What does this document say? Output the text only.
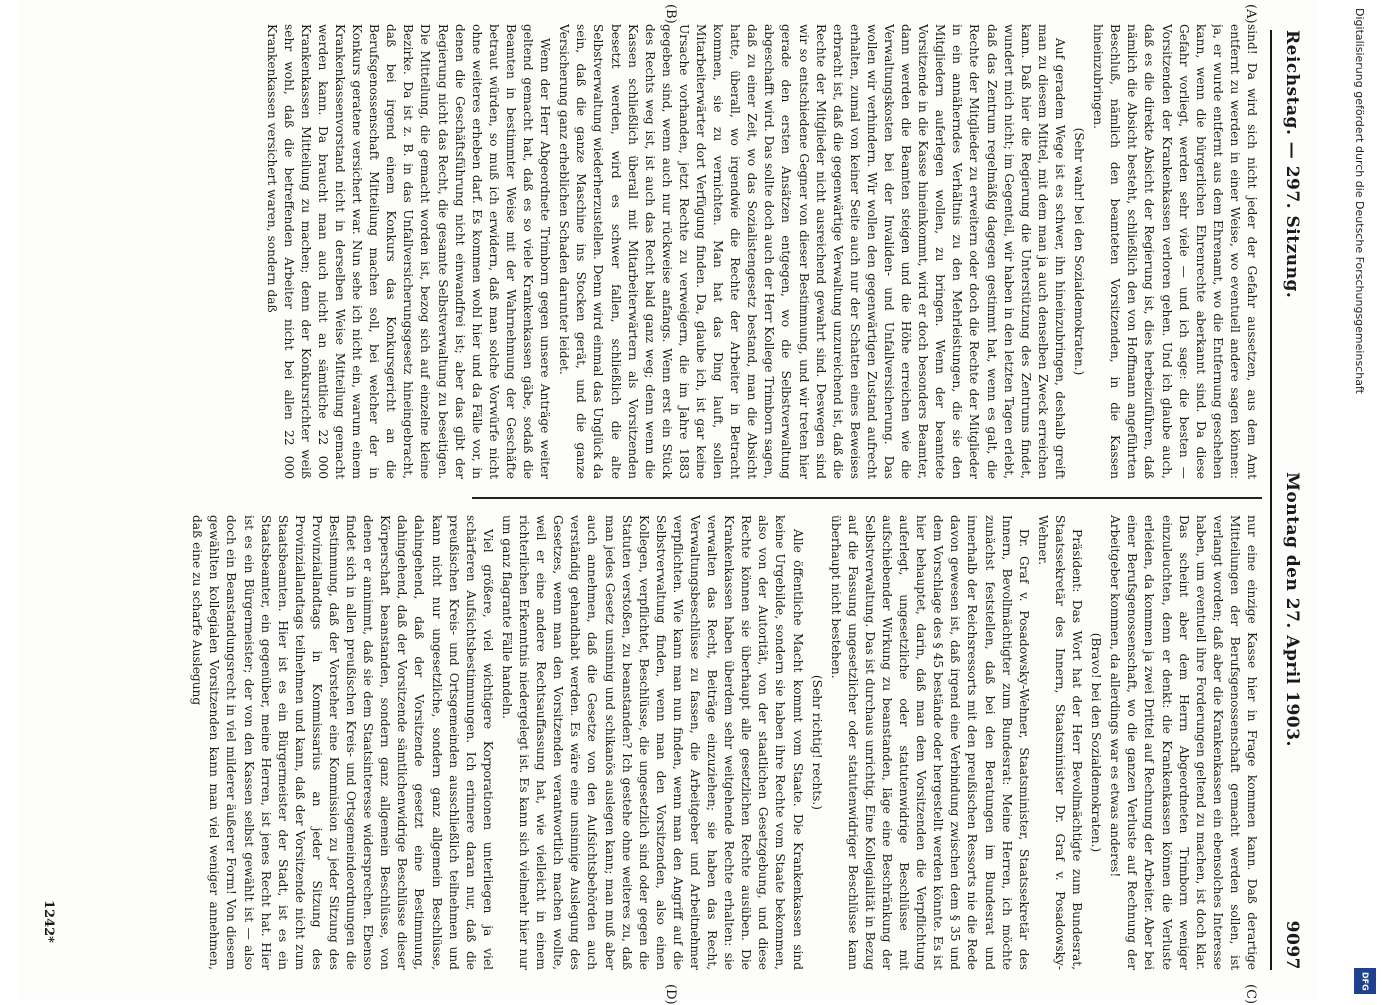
Reichstag. — 297. Sitzung.
Montag den 27. April 1903.
9097
(A)
(B)
(C)
(D)

sind! Da wird sich nicht jeder der Gefahr aussetzen, aus dem Amt entfernt zu werden in einer Weise, wo eventuell andere sagen können: ja, er wurde entfernt aus dem Ehrenamt, wo die Entfernung geschehen kann, wenn die bürgerlichen Ehrenrechte aberkannt sind. Da diese Gefahr vorliegt, werden sehr viele — und ich sage: die besten — Vorsitzenden der Krankenkassen verloren gehen. Und ich glaube auch, daß es die direkte Absicht der Regierung ist, dies herbeizuführen, daß nämlich die Absicht besteht, schließlich den von Hoffmann angeführten Beschluß, nämlich den beamteten Vorsitzenden, in die Kassen hineinzubringen.

(Sehr wahr! bei den Sozialdemokraten.)

Auf geradem Wege ist es schwer, ihn hineinzubringen, deshalb greift man zu diesem Mittel, mit dem man ja auch denselben Zweck erreichen kann. Daß hier die Regierung die Unterstützung des Zentrums findet, wundert mich nicht; im Gegenteil, wir haben in den letzten Tagen erlebt, daß das Zentrum regelmäßig dagegen gestimmt hat, wenn es galt, die Rechte der Mitglieder zu erweitern oder doch die Rechte der Mitglieder in ein annäherndes Verhältnis zu den Mehrleistungen, die sie den Mitgliedern auferlegen wollen, zu bringen. Wenn der beamtete Vorsitzende in die Kasse hineinkommt, wird er doch besonders Beamter, dann werden die Beamten steigen und die Höhe erreichen wie die Verwaltungskosten bei der Invaliden- und Unfallversicherung. Das wollen wir verhindern. Wir wollen den gegenwärtigen Zustand aufrecht erhalten, zumal von keiner Seite auch nur der Schatten eines Beweises erbracht ist, daß die gegenwärtige Verwaltung unzureichend ist, daß die Rechte der Mitglieder nicht ausreichend gewahrt sind. Deswegen sind wir so entschiedene Gegner von dieser Bestimmung, und wir treten hier gerade den ersten Ansätzen entgegen, wo die Selbstverwaltung abgeschafft wird. Das sollte doch auch der Herr Kollege Trimborn sagen, daß zu einer Zeit, wo das Sozialistengesetz bestand, man die Absicht hatte, überall, wo irgendwie die Rechte der Arbeiter in Betracht kommen, sie zu vernichten. Man hat das Ding lauft, sollen Mitarbeiterwärter dort Verfügung finden. Da, glaube ich, ist gar keine Ursache vorhanden, jetzt Rechte zu verweigern, die im Jahre 1883 gegeben sind, wenn auch nur rückweise anfangs. Wenn erst ein Stück des Rechts weg ist, ist auch das Recht bald ganz weg; denn wenn die Kassen schließlich überall mit Mitarbeiterwärtern als Vorsitzenden besetzt werden, wird es schwer fallen, schließlich die alte Selbstverwaltung wiederherzustellen. Denn wird einmal das Unglück da sein, daß die ganze Maschine ins Stocken gerät, und die ganze Versicherung ganz erheblichen Schaden darunter leidet.

Wenn der Herr Abgeordnete Trimborn gegen unsere Anträge weiter geltend gemacht hat, daß es so viele Krankenkassen gäbe, sodaß die Beamten in bestimmter Weise mit der Wahrnehmung der Geschäfte betraut würden, so muß ich erwidern, daß man solche Vorwürfe nicht ohne weiteres erheben darf. Es kommen wohl hier und da Fälle vor, in denen die Geschäftsführung nicht einwandfrei ist; aber das gibt der Regierung nicht das Recht, die gesamte Selbstverwaltung zu beseitigen. Die Mitteilung, die gemacht worden ist, bezog sich auf einzelne kleine Bezirke. Da ist z. B. in das Unfallversicherungsgesetz hineingebracht, daß bei irgend einem Konkurs das Konkursgericht an die Berufsgenossenschaft Mitteilung machen soll, bei welcher der in Konkurs geratene versichert war. Nun sehe ich nicht ein, warum einem Krankenkassenvorstand nicht in derselben Weise Mitteilung gemacht werden kann. Da braucht man auch nicht an sämtliche 22 000 Krankenkassen Mitteilung zu machen; denn der Konkursrichter weiß sehr wohl, daß die betreffenden Arbeiter nicht bei allen 22 000 Krankenkassen versichert waren, sondern daß

nur eine einzige Kasse hier in Frage kommen kann. Daß derartige Mitteilungen der Berufsgenossenschaft gemacht werden sollen, ist verlangt worden; daß aber die Krankenkassen ein ebensolches Interesse haben, um eventuell ihre Forderungen geltend zu machen, ist doch klar. Das scheint aber dem Herrn Abgeordneten Trimborn weniger einzuleuchten, denn er denkt: die Krankenkassen können die Verluste erleiden, da kommen ja zwei Drittel auf Rechnung der Arbeiter. Aber bei einer Berufsgenossenschaft, wo die ganzen Verluste auf Rechnung der Arbeitgeber kommen, da allerdings war es etwas anderes!

(Bravo! bei den Sozialdemokraten.)

Präsident: Das Wort hat der Herr Bevollmächtigte zum Bundesrat, Staatssekretär des Innern, Staatsminister Dr. Graf v. Posadowsky-Wehner.

Dr. Graf v. Posadowsky-Wehner, Staatsminister, Staatssekretär des Innern, Bevollmächtigter zum Bundesrat: Meine Herren, ich möchte zunächst feststellen, daß bei den Beratungen im Bundesrat und innerhalb der Reichsressorts mit den preußischen Ressorts nie die Rede davon gewesen ist, daß irgend eine Verbindung zwischen dem § 35 und dem Vorschlage des § 45 bestände oder hergestellt werden könnte. Es ist hier behauptet, darin, daß man dem Vorsitzenden die Verpflichtung auferlegt, ungesetzliche oder statutenwidrige Beschlüsse mit aufschiebender Wirkung zu beanstanden, läge eine Beschränkung der Selbstverwaltung. Das ist durchaus unrichtig. Eine Kollegialität in Bezug auf die Fassung ungesetzlicher oder statutenwidriger Beschlüsse kann überhaupt nicht bestehen.

(Sehr richtig! rechts.)

Alle öffentliche Macht kommt vom Staate. Die Krankenkassen sind keine Urgebilde, sondern sie haben ihre Rechte vom Staate bekommen, also von der Autorität, von der staatlichen Gesetzgebung, und diese Rechte können sie überhaupt alle gesetzlichen Rechte ausüben. Die Krankenkassen haben überdem sehr weitgehende Rechte erhalten: sie verwalten das Recht, Beiträge einzuziehen; sie haben das Recht, Verwaltungsbeschlüsse zu fassen, die Arbeitgeber und Arbeitnehmer verpflichten. Wie kann man nun finden, wenn man den Angriff auf die Selbstverwaltung finden, wenn man den Vorsitzenden, also einen Kollegen, verpflichtet, Beschlüsse, die ungesetzlich sind oder gegen die Statuten verstoßen, zu beanstanden? Ich gestehe ohne weiteres zu, daß man jedes Gesetz unsinnig und schikanös auslegen kann; man muß aber auch annehmen, daß die Gesetze von den Aufsichtsbehörden auch verständig gehandhabt werden. Es wäre eine unsinnige Auslegung des Gesetzes, wenn man den Vorsitzenden verantwortlich machen wollte, weil er eine andere Rechtsauffassung hat, wie vielleicht in einem richterlichen Erkenntnis niedergelegt ist. Es kann sich vielmehr hier nur um ganz flagrante Fälle handeln.

Viel größere, viel wichtigere Korporationen unterliegen ja viel schärferen Aufsichtsbestimmungen. Ich erinnere daran nur, daß die preußischen Kreis- und Ortsgemeinden ausschließlich teilnehmen und kann nicht nur ungesetzliche, sondern ganz allgemein Beschlüsse, dahingehend, daß der Vorsitzende gesetzt eine Bestimmung, dahingehend, daß der Vorsitzende sämtlichenwidrige Beschlüsse dieser Körperschaft beanstanden, sondern ganz allgemein Beschlüsse, von denen er annimmt, daß sie dem Staatsinteresse widersprechen. Ebenso findet sich in allen preußischen Kreis- und Ortsgemeindeordnungen die Bestimmung, daß der Vorsteher eine Kommission zu jeder Sitzung des Provinziallandtags in Kommissarius an jeder Sitzung des Provinziallandtags teilnehmen und kann, daß der Vorsitzende nicht zum Staatsbeamten. Hier ist es ein Bürgermeister der Stadt, ist es ein Staatsbeamter, ein gegenüber, meine Herren, ist jenes Recht hat. Hier ist es ein Bürgermeister; der von den Kassen selbst gewählt ist — also doch ein Beanstandungsrecht in viel milderer äußerer Form! Von diesem gewählten kollegialen Vorsitzenden kann man viel weniger annehmen, daß eine zu scharfe Auslegung

1242*
Digitalisierung gefördert durch die Deutsche Forschungsgemeinschaft
DFG
